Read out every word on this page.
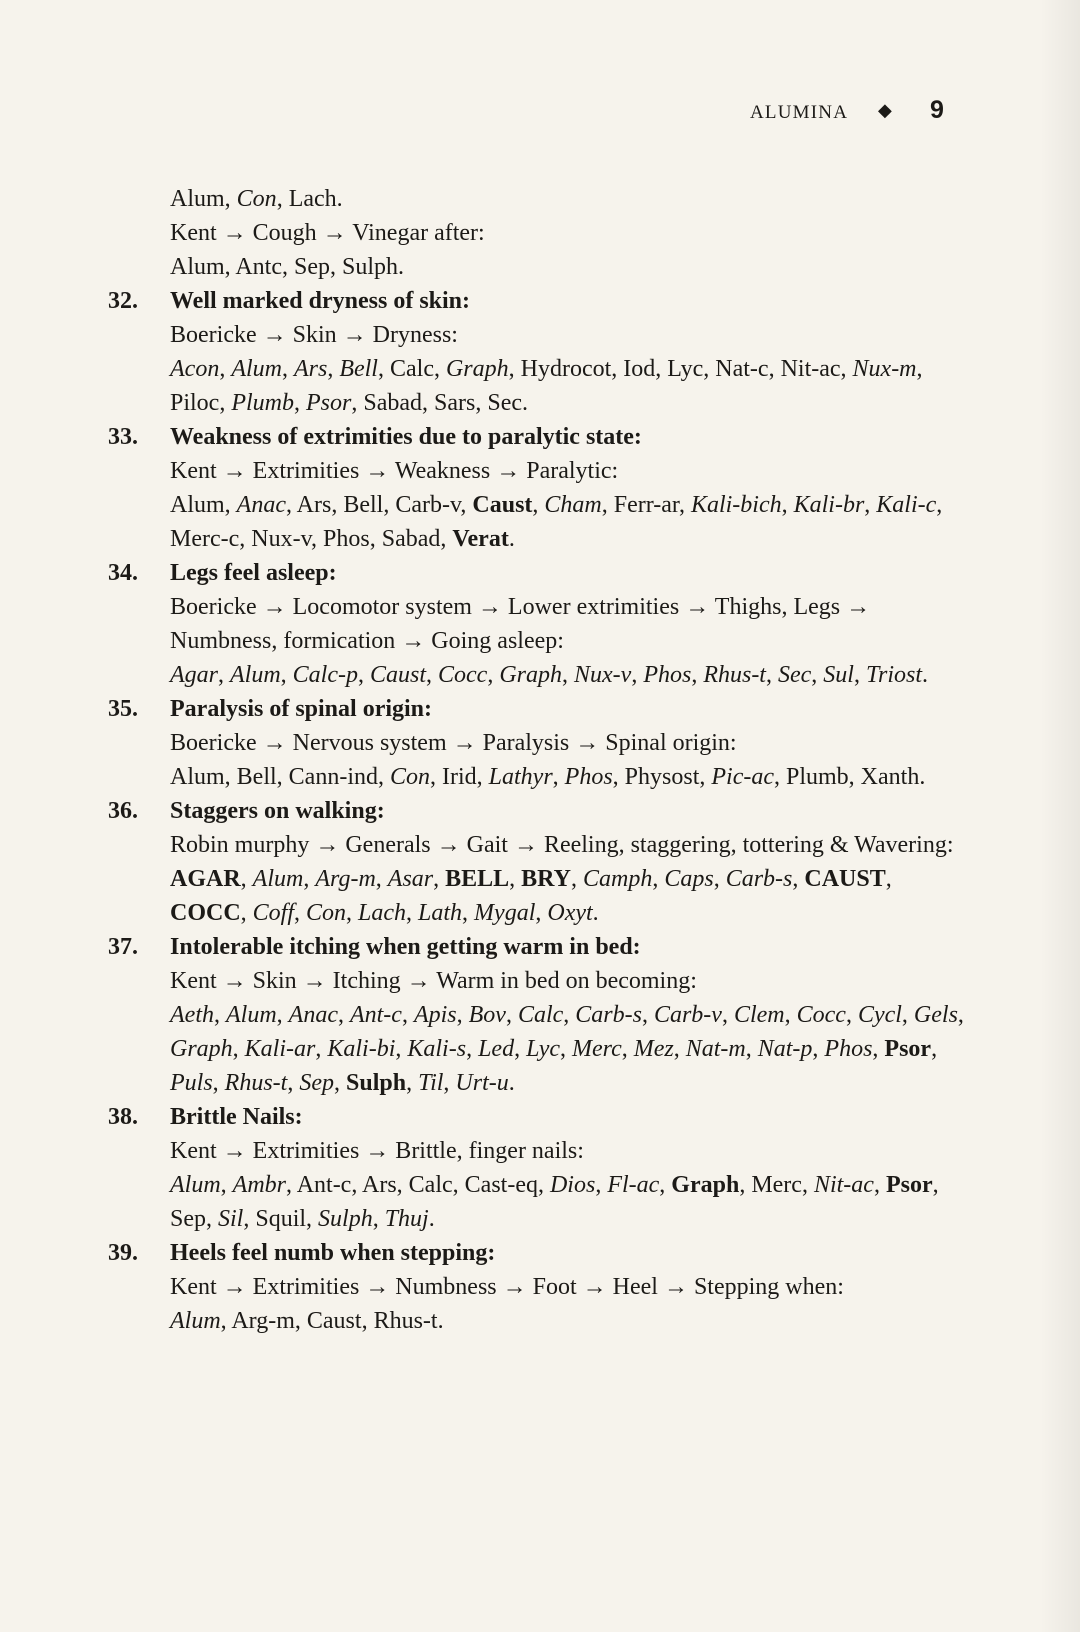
ALUMINA ◆ 9
Alum, Con, Lach.
Kent → Cough → Vinegar after:
Alum, Antc, Sep, Sulph.
32.	Well marked dryness of skin:
Boericke → Skin → Dryness:
Acon, Alum, Ars, Bell, Calc, Graph, Hydrocot, Iod, Lyc, Nat-c, Nit-ac, Nux-m, Piloc, Plumb, Psor, Sabad, Sars, Sec.
33.	Weakness of extrimities due to paralytic state:
Kent → Extrimities → Weakness → Paralytic:
Alum, Anac, Ars, Bell, Carb-v, Caust, Cham, Ferr-ar, Kali-bich, Kali-br, Kali-c, Merc-c, Nux-v, Phos, Sabad, Verat.
34.	Legs feel asleep:
Boericke → Locomotor system → Lower extrimities → Thighs, Legs → Numbness, formication → Going asleep:
Agar, Alum, Calc-p, Caust, Cocc, Graph, Nux-v, Phos, Rhus-t, Sec, Sul, Triost.
35.	Paralysis of spinal origin:
Boericke → Nervous system → Paralysis → Spinal origin:
Alum, Bell, Cann-ind, Con, Irid, Lathyr, Phos, Physost, Pic-ac, Plumb, Xanth.
36.	Staggers on walking:
Robin murphy → Generals → Gait → Reeling, staggering, tottering & Wavering:
AGAR, Alum, Arg-m, Asar, BELL, BRY, Camph, Caps, Carb-s, CAUST, COCC, Coff, Con, Lach, Lath, Mygal, Oxyt.
37.	Intolerable itching when getting warm in bed:
Kent → Skin → Itching → Warm in bed on becoming:
Aeth, Alum, Anac, Ant-c, Apis, Bov, Calc, Carb-s, Carb-v, Clem, Cocc, Cycl, Gels, Graph, Kali-ar, Kali-bi, Kali-s, Led, Lyc, Merc, Mez, Nat-m, Nat-p, Phos, Psor, Puls, Rhus-t, Sep, Sulph, Til, Urt-u.
38.	Brittle Nails:
Kent → Extrimities → Brittle, finger nails:
Alum, Ambr, Ant-c, Ars, Calc, Cast-eq, Dios, Fl-ac, Graph, Merc, Nit-ac, Psor, Sep, Sil, Squil, Sulph, Thuj.
39.	Heels feel numb when stepping:
Kent → Extrimities → Numbness → Foot → Heel → Stepping when:
Alum, Arg-m, Caust, Rhus-t.
